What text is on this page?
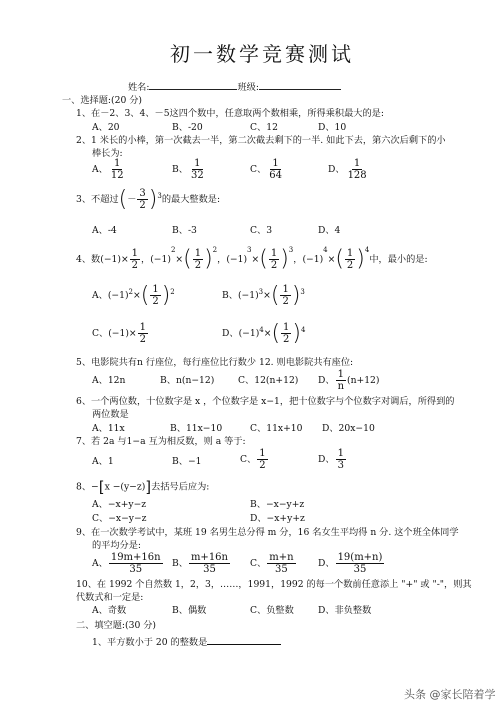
初一数学竞赛测试
姓名:	班级:
一、选择题:(20 分)
1、在－2、3、4、－5这四个数中，任意取两个数相乘，所得乘积最大的是:
A、20	B、-20	C、12	D、10
2、1 米长的小棒，第一次截去一半，第二次截去剩下的一半. 如此下去，第六次后剩下的小
棒长为:
A、 $\frac{1}{12}$	B、 $\frac{1}{32}$	C、 $\frac{1}{64}$	D、 $\frac{1}{128}$
3、不超过 ( － $\frac{3}{2}$ ) 3 的最大整数是:
A、-4	B、-3	C、3	D、4
4、数 $(-1)\times \frac{1}{2}$ ， $(-1)^2\times( \frac{1}{2} )^2$， $(-1)^3\times( \frac{1}{2} )^3$， $(-1)^4\times( \frac{1}{2} )^4$
中，最小的是:
A、 (−1) 2 × ( $\frac{1}{2}$ ) 2	B、 (−1) 3 × ( $\frac{1}{2}$ ) 3
C、 $(-1)\times \frac{1}{2}$	D、 (−1) 4 × ( $\frac{1}{2}$ ) 4
5、电影院共有n 行座位，每行座位比行数少 12. 则电影院共有座位:
A、12n	B、n(n−12)	C、12(n+12) D、 $\frac{1}{n} (n+12)$
6、一个两位数，十位数字是 x ，个位数字是 x−1，把十位数字与个位数字对调后，所得到的
两位数是
A、11x	B、11x−10	C、11x+10 D、20x−10
7、若 2a 与1−a 互为相反数，则 a 等于:
A、1	B、−1	C、 $\frac{1}{2}$	D、 $\frac{1}{3}$
8、−[x −(y−z)]去括号后应为:
A、−x+y−z	B、−x−y+z
C、−x−y−z	D、−x+y+z
9、在一次数学考试中，某班 19 名男生总分得 m 分，16 名女生平均得 n 分. 这个班全体同学
的平均分是:
A、 $\frac{19m+16n}{35}$ B、 $\frac{m+16n}{35}$ C、 $\frac{m+n}{35}$ D、 $\frac{19(m+n)}{35}$
10、在 1992 个自然数 1，2，3，……，1991，1992 的每一个数前任意添上 "+" 或 "-"，则其
代数式和一定是:
A、奇数	B、偶数	C、负整数	D、非负整数
二、填空题:(30 分)
1、平方数小于 20 的整数是
头条 @家长陪着学
